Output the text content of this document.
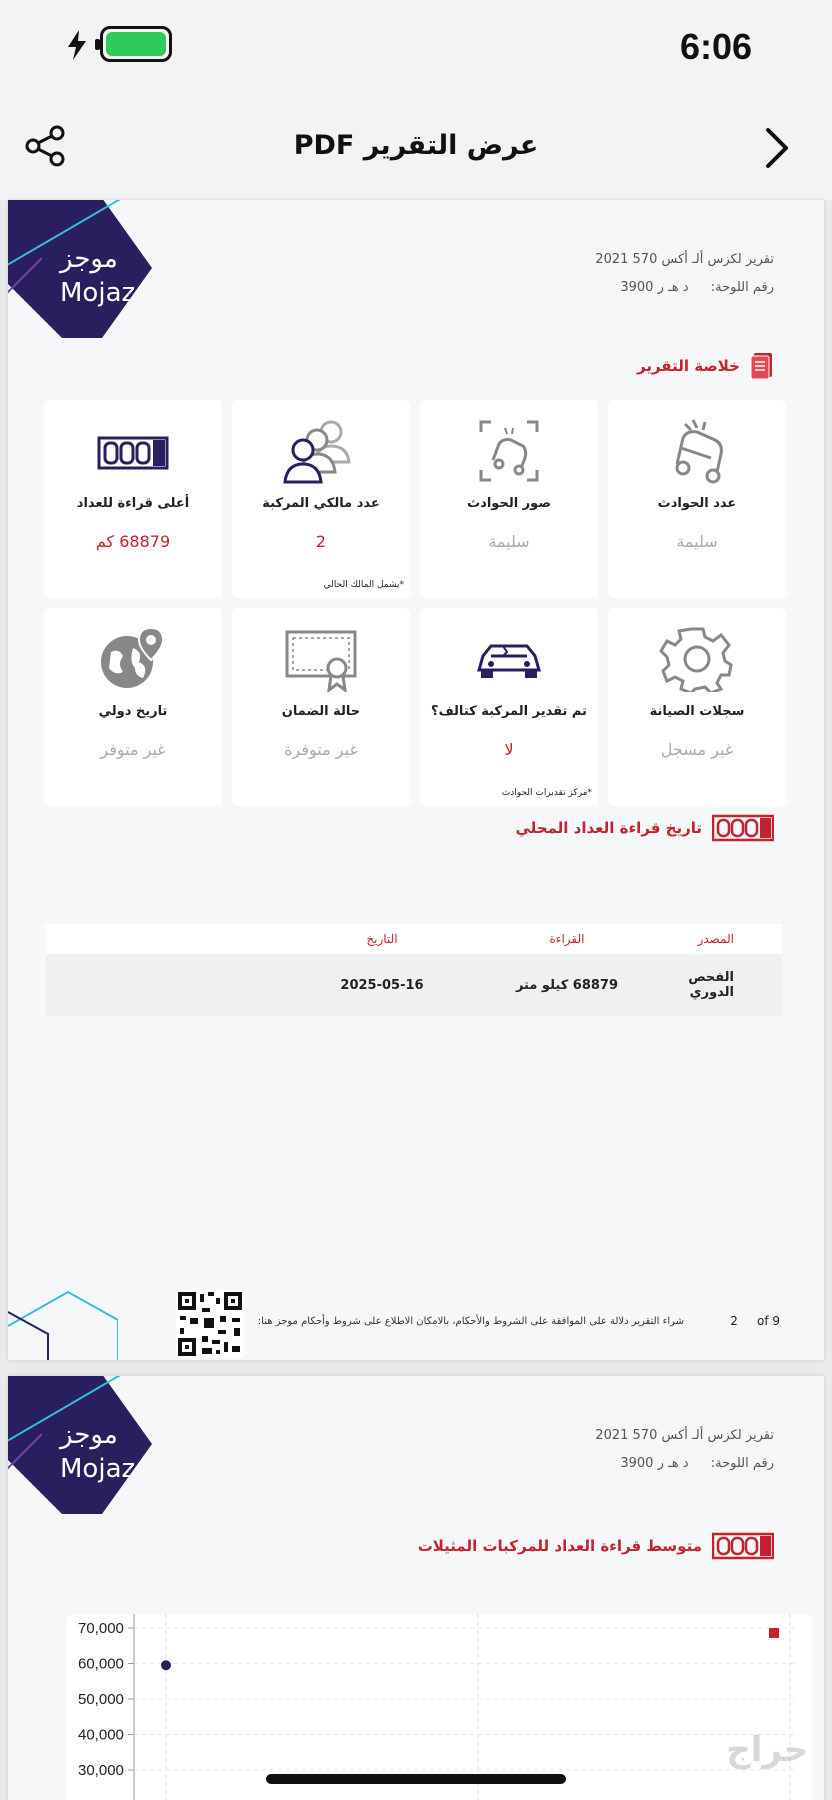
6:06
عرض التقرير PDF
موجز
Mojaz
تقرير لكزس ألـ أكس 570 2021
رقم اللوحة: د هـ ر 3900
خلاصة التقرير
عدد الحوادث
سليمة
صور الحوادث
سليمة
عدد مالكي المركبة
2
*يشمل المالك الحالي
أعلى قراءة للعداد
68879 كم
سجلات الصيانة
غير مسجل
تم تقدير المركبة كتالف؟
لا
*مركز تقديرات الحوادث
حالة الضمان
غير متوفرة
تاريخ دولي
غير متوفر
تاريخ قراءة العداد المحلي
المصدر
القراءة
التاريخ
الفحص الدوري
68879 كيلو متر
2025-05-16
شراء التقرير دلالة على الموافقة على الشروط والأحكام، بالامكان الاطلاع على شروط وأحكام موجز هنا:	2 of 9
موجز
Mojaz
تقرير لكزس ألـ أكس 570 2021
رقم اللوحة: د هـ ر 3900
متوسط قراءة العداد للمركبات المثيلات
70,000
60,000
50,000
40,000
30,000
حراج
